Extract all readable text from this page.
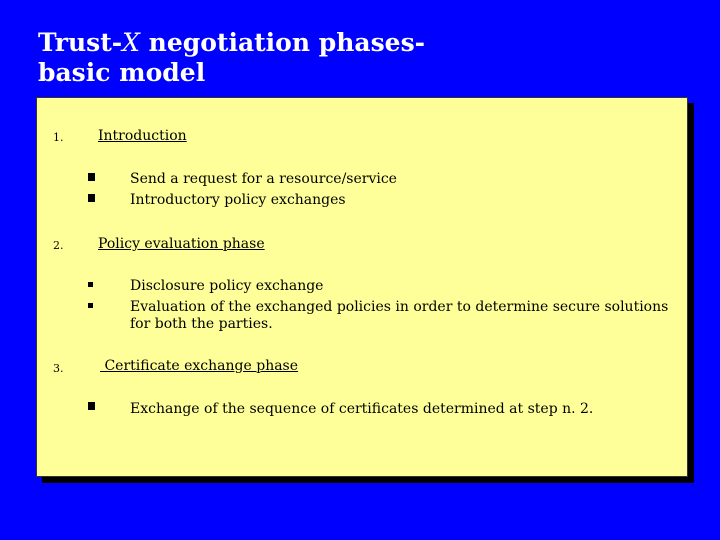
Trust-X negotiation phases-
basic model
1. Introduction
Send a request for a resource/service
Introductory policy exchanges
2. Policy evaluation phase
Disclosure policy exchange
Evaluation of the exchanged policies in order to determine secure solutions
for both the parties.
3.	Certificate exchange phase
Exchange of the sequence of certificates determined at step n. 2.
